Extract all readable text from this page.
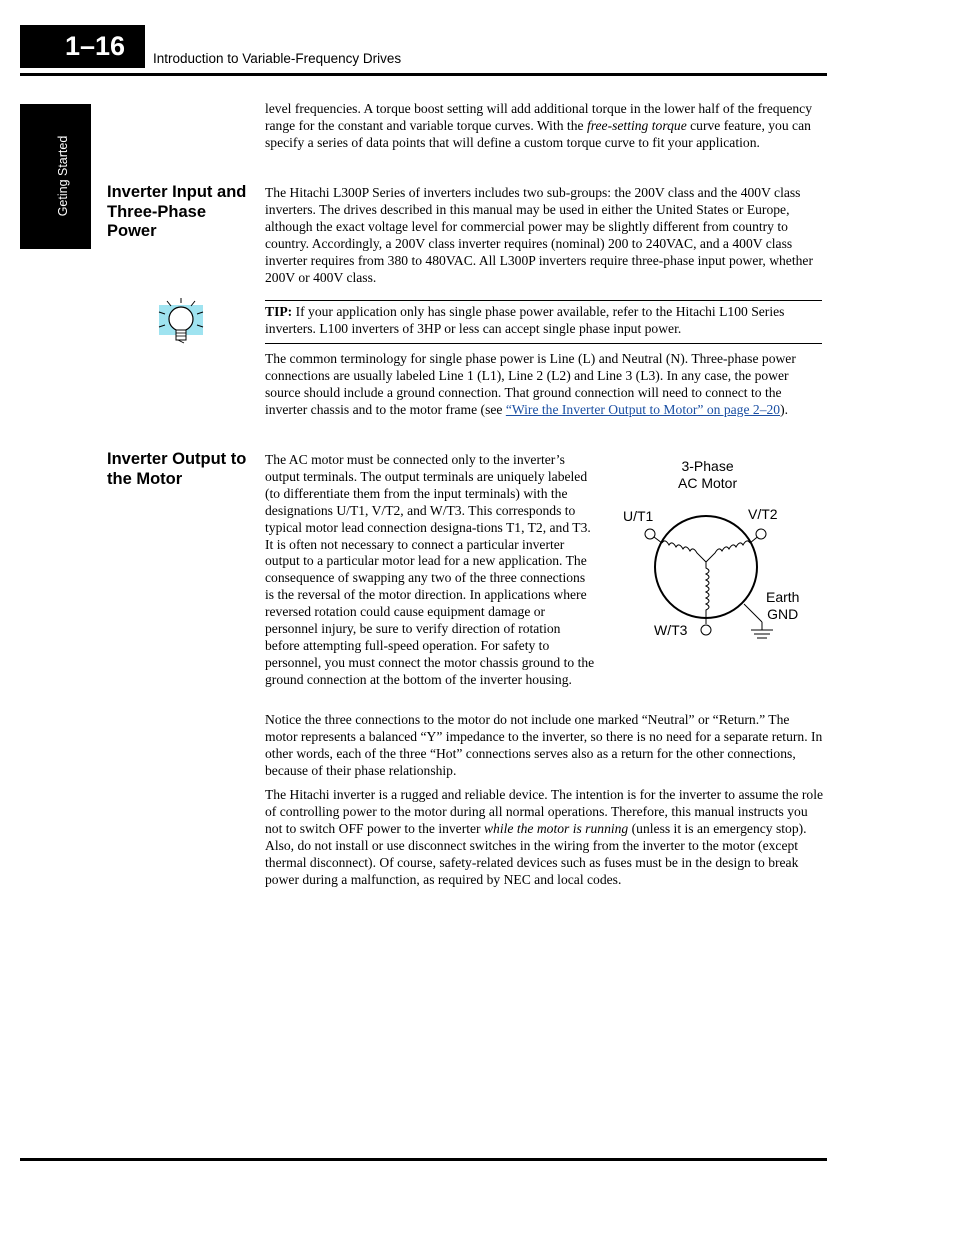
1–16 Introduction to Variable-Frequency Drives
Geting Started

level frequencies. A torque boost setting will add additional torque in the lower half of the frequency range for the constant and variable torque curves. With the free-setting torque curve feature, you can specify a series of data points that will define a custom torque curve to fit your application.

Inverter Input and Three-Phase Power

The Hitachi L300P Series of inverters includes two sub-groups: the 200V class and the 400V class inverters. The drives described in this manual may be used in either the United States or Europe, although the exact voltage level for commercial power may be slightly different from country to country. Accordingly, a 200V class inverter requires (nominal) 200 to 240VAC, and a 400V class inverter requires from 380 to 480VAC. All L300P inverters require three-phase input power, whether 200V or 400V class.

TIP: If your application only has single phase power available, refer to the Hitachi L100 Series inverters. L100 inverters of 3HP or less can accept single phase input power.

The common terminology for single phase power is Line (L) and Neutral (N). Three-phase power connections are usually labeled Line 1 (L1), Line 2 (L2) and Line 3 (L3). In any case, the power source should include a ground connection. That ground connection will need to connect to the inverter chassis and to the motor frame (see “Wire the Inverter Output to Motor” on page 2–20).

Inverter Output to the Motor

The AC motor must be connected only to the inverter’s output terminals. The output terminals are uniquely labeled (to differentiate them from the input terminals) with the designations U/T1, V/T2, and W/T3. This corresponds to typical motor lead connection designa-tions T1, T2, and T3. It is often not necessary to connect a particular inverter output to a particular motor lead for a new application. The consequence of swapping any two of the three connections is the reversal of the motor direction. In applications where reversed rotation could cause equipment damage or personnel injury, be sure to verify direction of rotation before attempting full-speed operation. For safety to personnel, you must connect the motor chassis ground to the ground connection at the bottom of the inverter housing.

3-Phase
AC Motor
U/T1	V/T2
W/T3
Earth
GND

Notice the three connections to the motor do not include one marked “Neutral” or “Return.” The motor represents a balanced “Y” impedance to the inverter, so there is no need for a separate return. In other words, each of the three “Hot” connections serves also as a return for the other connections, because of their phase relationship.

The Hitachi inverter is a rugged and reliable device. The intention is for the inverter to assume the role of controlling power to the motor during all normal operations. Therefore, this manual instructs you not to switch OFF power to the inverter while the motor is running (unless it is an emergency stop). Also, do not install or use disconnect switches in the wiring from the inverter to the motor (except thermal disconnect). Of course, safety-related devices such as fuses must be in the design to break power during a malfunction, as required by NEC and local codes.
